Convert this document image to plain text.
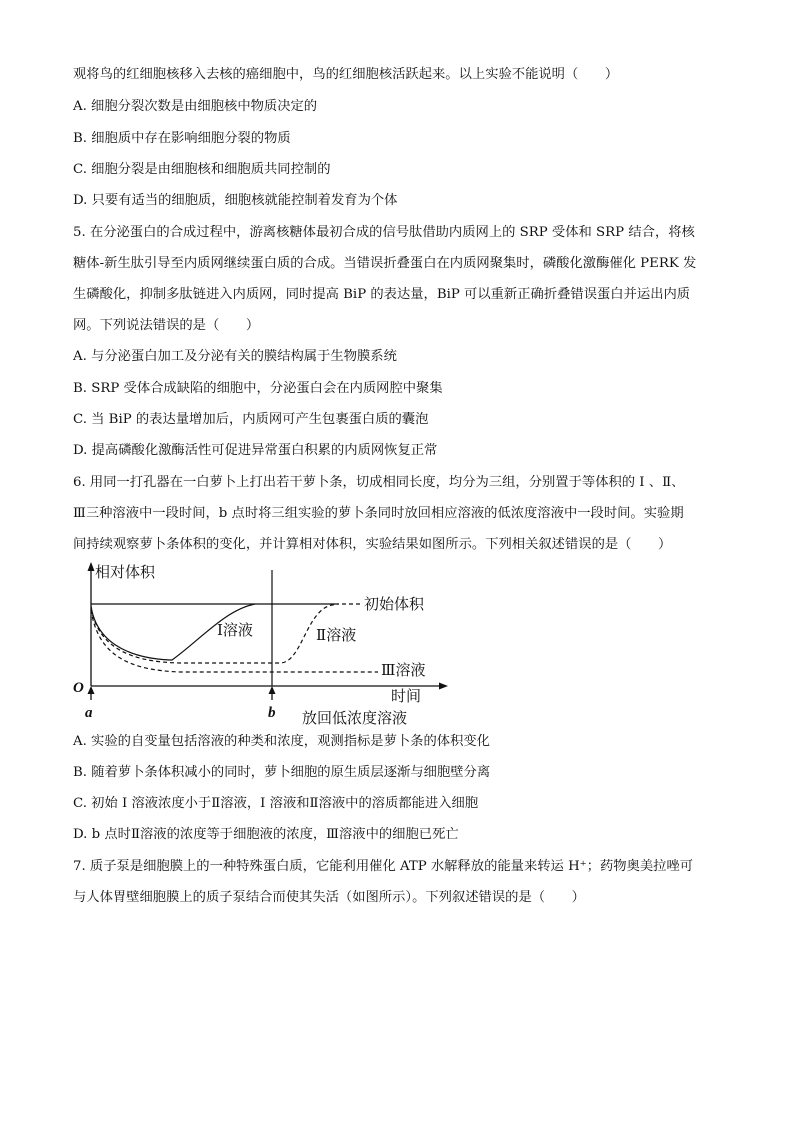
观将鸟的红细胞核移入去核的癌细胞中，鸟的红细胞核活跃起来。以上实验不能说明（　　）
A. 细胞分裂次数是由细胞核中物质决定的
B. 细胞质中存在影响细胞分裂的物质
C. 细胞分裂是由细胞核和细胞质共同控制的
D. 只要有适当的细胞质，细胞核就能控制着发育为个体
5. 在分泌蛋白的合成过程中，游离核糖体最初合成的信号肽借助内质网上的 SRP 受体和 SRP 结合，将核
糖体-新生肽引导至内质网继续蛋白质的合成。当错误折叠蛋白在内质网聚集时，磷酸化激酶催化 PERK 发
生磷酸化，抑制多肽链进入内质网，同时提高 BiP 的表达量，BiP 可以重新正确折叠错误蛋白并运出内质
网。下列说法错误的是（　　）
A. 与分泌蛋白加工及分泌有关的膜结构属于生物膜系统
B. SRP 受体合成缺陷的细胞中，分泌蛋白会在内质网腔中聚集
C. 当 BiP 的表达量增加后，内质网可产生包裹蛋白质的囊泡
D. 提高磷酸化激酶活性可促进异常蛋白积累的内质网恢复正常
6. 用同一打孔器在一白萝卜上打出若干萝卜条，切成相同长度，均分为三组，分别置于等体积的 Ⅰ 、Ⅱ、
Ⅲ三种溶液中一段时间，b 点时将三组实验的萝卜条同时放回相应溶液的低浓度溶液中一段时间。实验期
间持续观察萝卜条体积的变化，并计算相对体积，实验结果如图所示。下列相关叙述错误的是（　　）
相对体积
初始体积
Ⅰ溶液	Ⅱ溶液
Ⅲ溶液
时间
O
a	b 放回低浓度溶液
A. 实验的自变量包括溶液的种类和浓度，观测指标是萝卜条的体积变化
B. 随着萝卜条体积减小的同时，萝卜细胞的原生质层逐渐与细胞壁分离
C. 初始 Ⅰ 溶液浓度小于Ⅱ溶液，Ⅰ 溶液和Ⅱ溶液中的溶质都能进入细胞
D. b 点时Ⅱ溶液的浓度等于细胞液的浓度，Ⅲ溶液中的细胞已死亡
7. 质子泵是细胞膜上的一种特殊蛋白质，它能利用催化 ATP 水解释放的能量来转运 H⁺；药物奥美拉唑可
与人体胃壁细胞膜上的质子泵结合而使其失活（如图所示）。下列叙述错误的是（　　）
